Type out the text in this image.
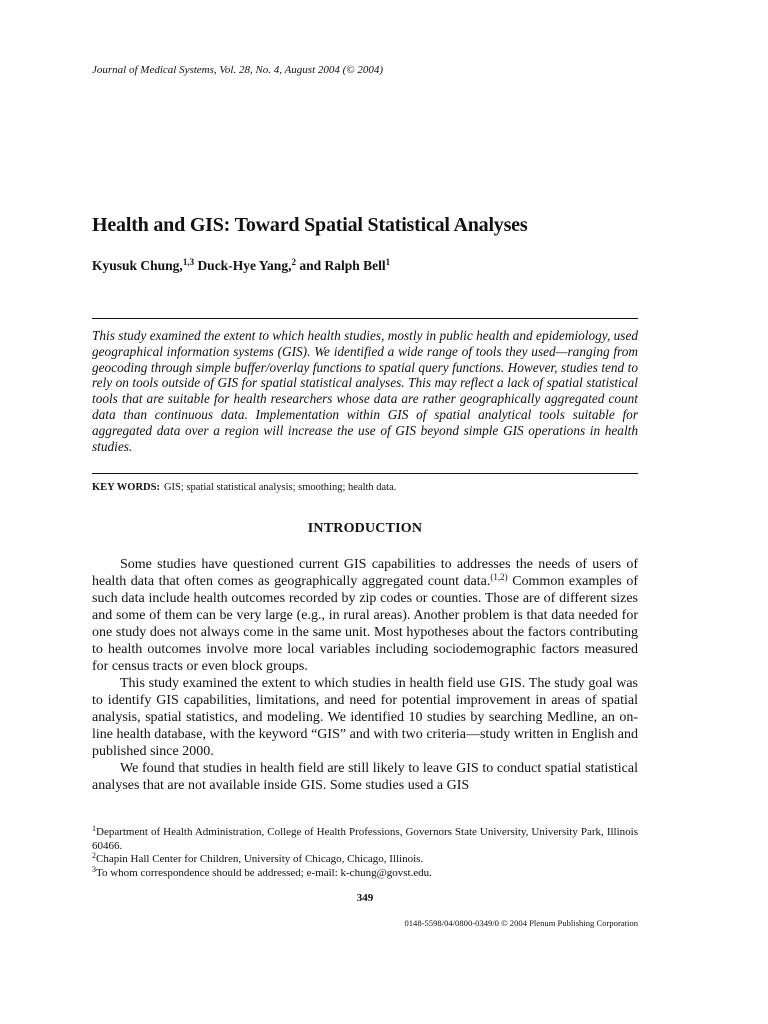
Journal of Medical Systems, Vol. 28, No. 4, August 2004 (© 2004)
Health and GIS: Toward Spatial Statistical Analyses
Kyusuk Chung,$^{1,3}$ Duck-Hye Yang,$^2$ and Ralph Bell$^1$

This study examined the extent to which health studies, mostly in public health and epidemiology, used geographical information systems (GIS). We identified a wide range of tools they used—ranging from geocoding through simple buffer/overlay functions to spatial query functions. However, studies tend to rely on tools outside of GIS for spatial statistical analyses. This may reflect a lack of spatial statistical tools that are suitable for health researchers whose data are rather geographically aggregated count data than continuous data. Implementation within GIS of spatial analytical tools suitable for aggregated data over a region will increase the use of GIS beyond simple GIS operations in health studies.

KEY WORDS: GIS; spatial statistical analysis; smoothing; health data.
INTRODUCTION

Some studies have questioned current GIS capabilities to addresses the needs of users of health data that often comes as geographically aggregated count data.$^{(1,2)}$ Common examples of such data include health outcomes recorded by zip codes or counties. Those are of different sizes and some of them can be very large (e.g., in rural areas). Another problem is that data needed for one study does not always come in the same unit. Most hypotheses about the factors contributing to health outcomes involve more local variables including sociodemographic factors measured for census tracts or even block groups.

This study examined the extent to which studies in health field use GIS. The study goal was to identify GIS capabilities, limitations, and need for potential improvement in areas of spatial analysis, spatial statistics, and modeling. We identified 10 studies by searching Medline, an on-line health database, with the keyword “GIS” and with two criteria—study written in English and published since 2000.

We found that studies in health field are still likely to leave GIS to conduct spatial statistical analyses that are not available inside GIS. Some studies used a GIS

$^1$Department of Health Administration, College of Health Professions, Governors State University, University Park, Illinois 60466.
$^2$Chapin Hall Center for Children, University of Chicago, Chicago, Illinois.
$^3$To whom correspondence should be addressed; e-mail: k-chung@govst.edu.
349
0148-5598/04/0800-0349/0 © 2004 Plenum Publishing Corporation
